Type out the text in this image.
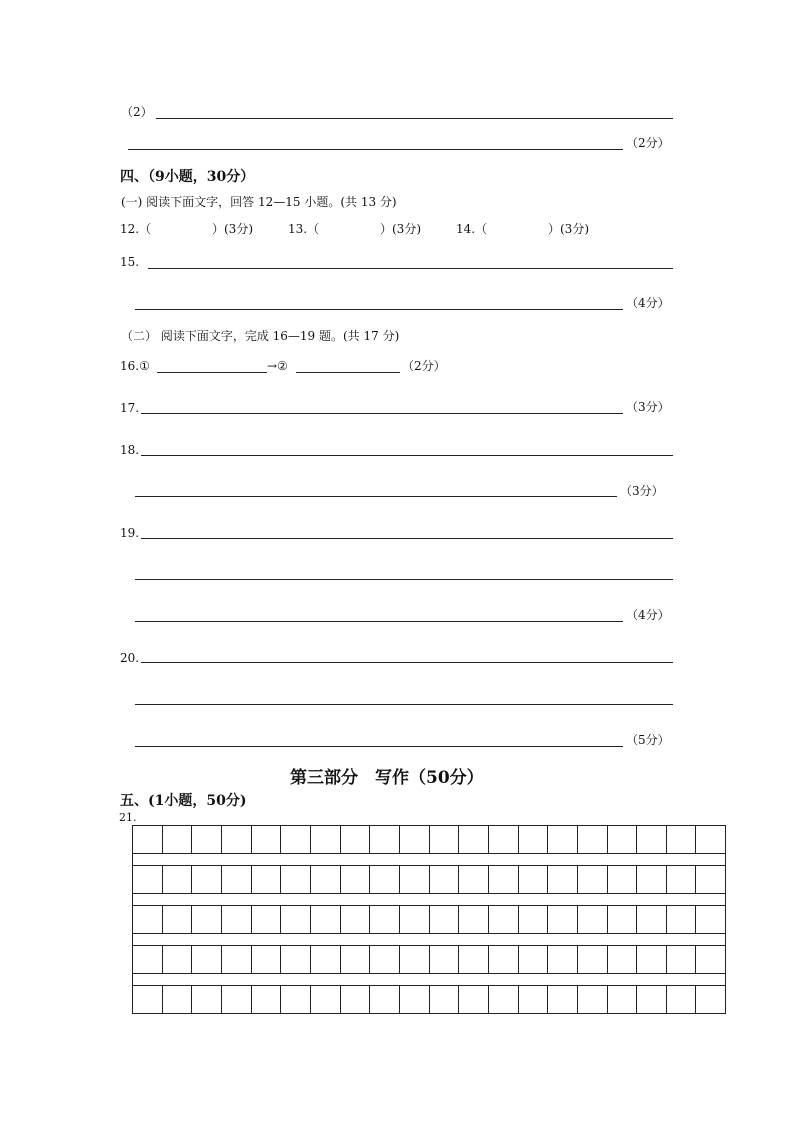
（2）
（2分）
四、（9小题，30分）
(一) 阅读下面文字，回答 12—15 小题。(共 13 分)
12.（	）(3分)	13.（	）(3分)	14.（	）(3分)
15.
（4分）
（二） 阅读下面文字，完成 16—19 题。(共 17 分)
16.①	→②	（2分）
17.	（3分）
18.
（3分）
19.
（4分）
20.
（5分）
第三部分　写作（50分）
五、(1小题，50分)
21.
